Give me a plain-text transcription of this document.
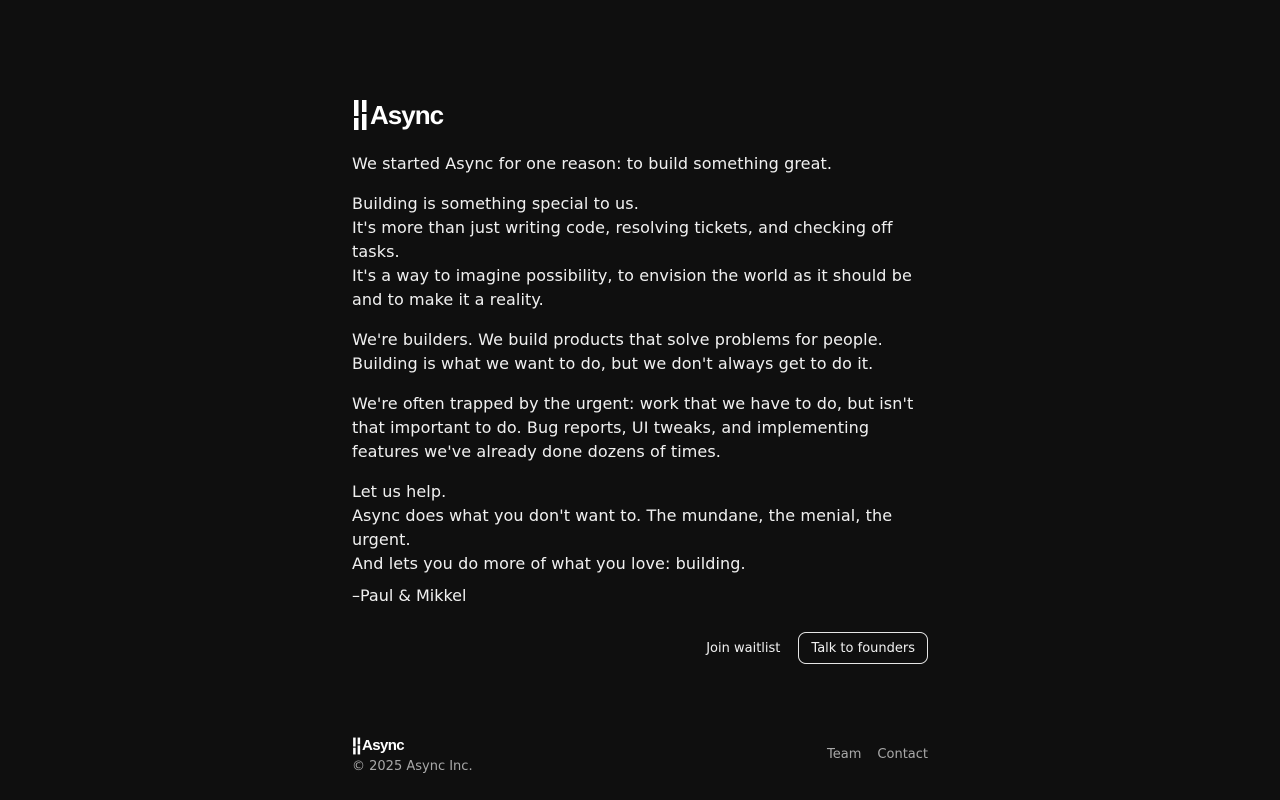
Async

We started Async for one reason: to build something great.

Building is something special to us.
It's more than just writing code, resolving tickets, and checking off tasks.
It's a way to imagine possibility, to envision the world as it should be and to make it a reality.

We're builders. We build products that solve problems for people.
Building is what we want to do, but we don't always get to do it.

We're often trapped by the urgent: work that we have to do, but isn't that important to do. Bug reports, UI tweaks, and implementing features we've already done dozens of times.

Let us help.
Async does what you don't want to. The mundane, the menial, the urgent.
And lets you do more of what you love: building.

–Paul & Mikkel
Join waitlist	Talk to founders
Async
© 2025 Async Inc.
Team Contact
